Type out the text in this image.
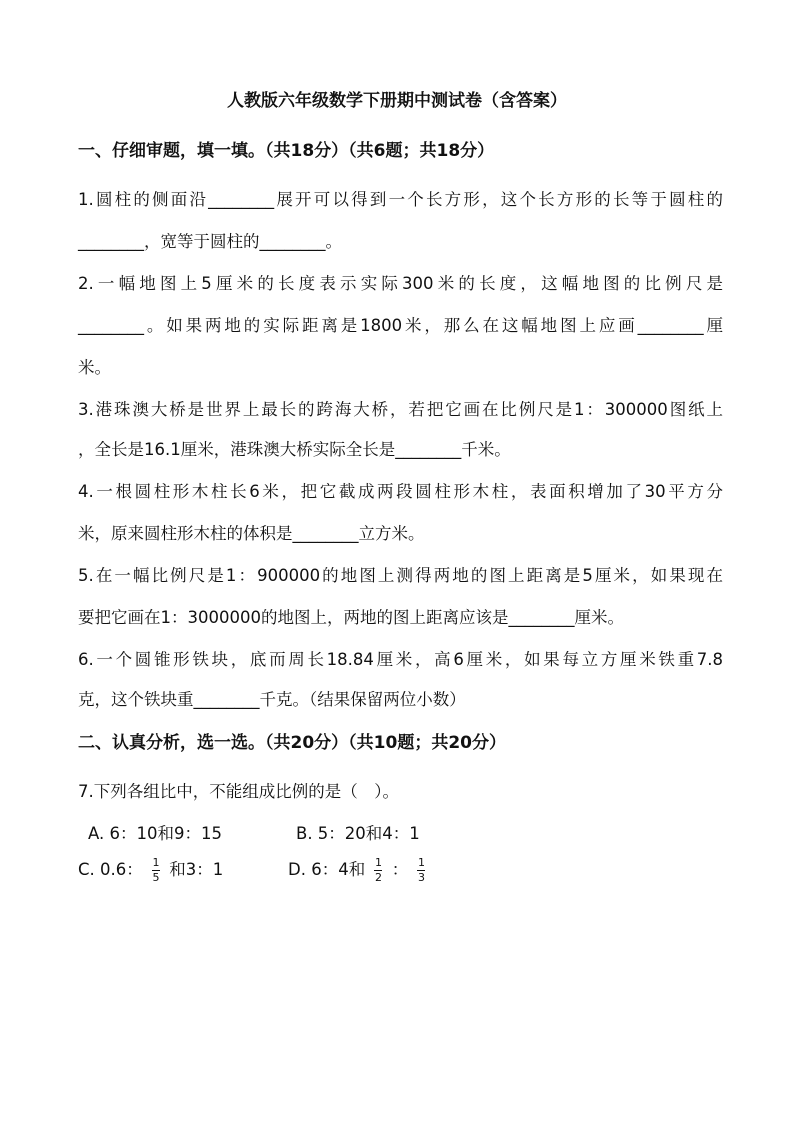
人教版六年级数学下册期中测试卷（含答案）
一、仔细审题，填一填。（共18分）（共6题；共18分）
1.圆柱的侧面沿________展开可以得到一个长方形，这个长方形的长等于圆柱的
________，宽等于圆柱的________。
2.一幅地图上5厘米的长度表示实际300米的长度，这幅地图的比例尺是
________。如果两地的实际距离是1800米，那么在这幅地图上应画________厘
米。
3.港珠澳大桥是世界上最长的跨海大桥，若把它画在比例尺是1：300000图纸上
，全长是16.1厘米，港珠澳大桥实际全长是________千米。
4.一根圆柱形木柱长6米，把它截成两段圆柱形木柱，表面积增加了30平方分
米，原来圆柱形木柱的体积是________立方米。
5.在一幅比例尺是1：900000的地图上测得两地的图上距离是5厘米，如果现在
要把它画在1：3000000的地图上，两地的图上距离应该是________厘米。
6.一个圆锥形铁块，底而周长18.84厘米，高6厘米，如果每立方厘米铁重7.8
克，这个铁块重________千克。（结果保留两位小数）
二、认真分析，选一选。（共20分）（共10题；共20分）
7.下列各组比中，不能组成比例的是（　）。
A. 6：10和9：15	B. 5：20和4：1
C. 0.6： $\frac{1}{5}$ 和3：1	D. 6：4和 $\frac{1}{2}$ ： $\frac{1}{3}$
